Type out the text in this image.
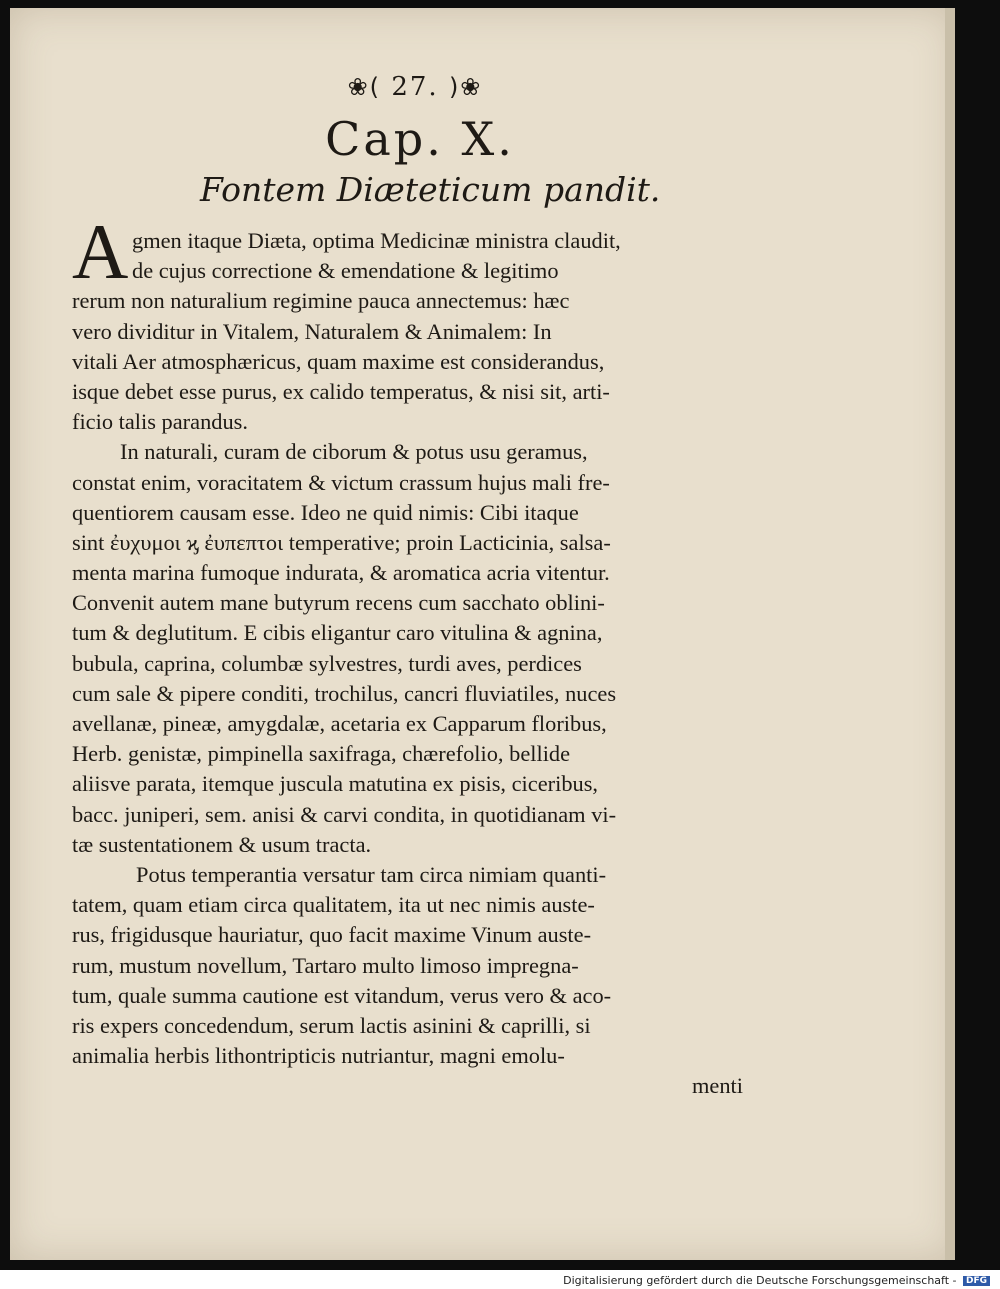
❀( 27. )❀
Cap. X.
Fontem Diæteticum pandit.
A gmen itaque Diæta, optima Medicinæ ministra claudit,
de cujus correctione & emendatione & legitimo
rerum non naturalium regimine pauca annectemus: hæc
vero dividitur in Vitalem, Naturalem & Animalem: In
vitali Aer atmosphæricus, quam maxime est considerandus,
isque debet esse purus, ex calido temperatus, & nisi sit, arti-
ficio talis parandus.
In naturali, curam de ciborum & potus usu geramus,
constat enim, voracitatem & victum crassum hujus mali fre-
quentiorem causam esse. Ideo ne quid nimis: Cibi itaque
sint ἐυχυμοι ϗ ἐυπεπτοι temperative; proin Lacticinia, salsa-
menta marina fumoque indurata, & aromatica acria vitentur.
Convenit autem mane butyrum recens cum sacchato oblini-
tum & deglutitum. E cibis eligantur caro vitulina & agnina,
bubula, caprina, columbæ sylvestres, turdi aves, perdices
cum sale & pipere conditi, trochilus, cancri fluviatiles, nuces
avellanæ, pineæ, amygdalæ, acetaria ex Capparum floribus,
Herb. genistæ, pimpinella saxifraga, chærefolio, bellide
aliisve parata, itemque juscula matutina ex pisis, ciceribus,
bacc. juniperi, sem. anisi & carvi condita, in quotidianam vi-
tæ sustentationem & usum tracta.
Potus temperantia versatur tam circa nimiam quanti-
tatem, quam etiam circa qualitatem, ita ut nec nimis auste-
rus, frigidusque hauriatur, quo facit maxime Vinum auste-
rum, mustum novellum, Tartaro multo limoso impregna-
tum, quale summa cautione est vitandum, verus vero & aco-
ris expers concedendum, serum lactis asinini & caprilli, si
animalia herbis lithontripticis nutriantur, magni emolu-
menti
Digitalisierung gefördert durch die Deutsche Forschungsgemeinschaft - DFG
